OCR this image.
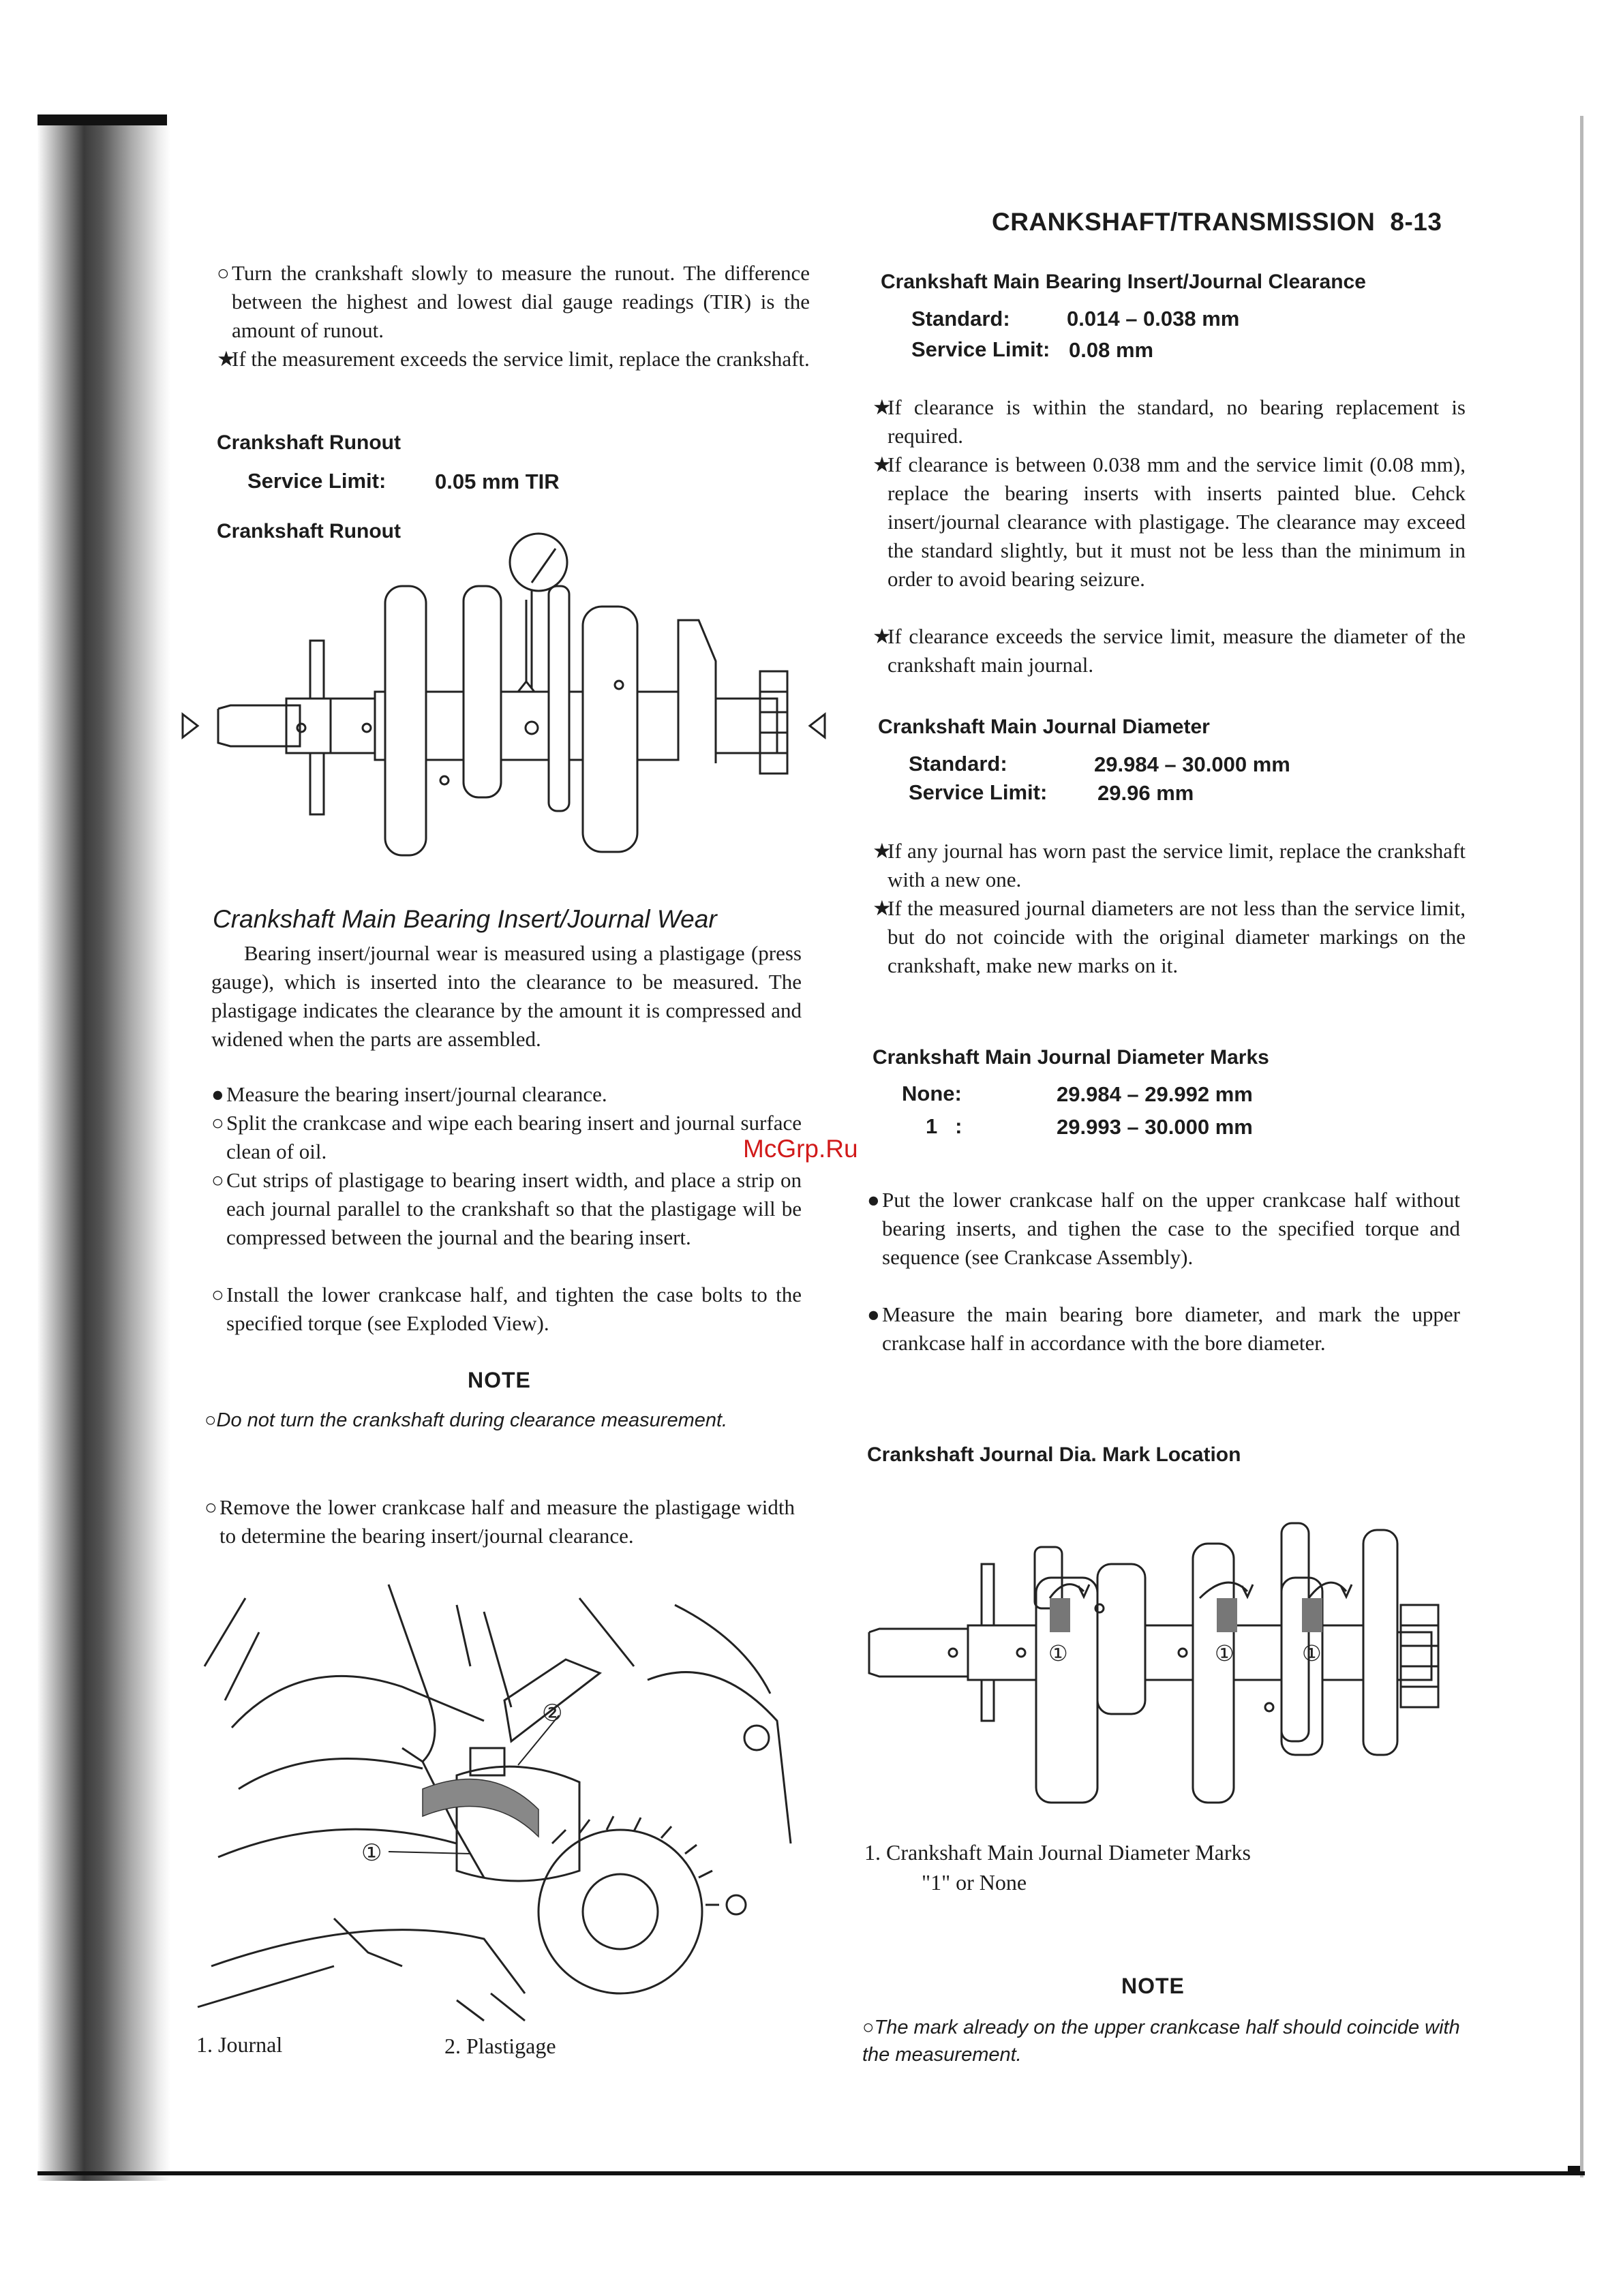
CRANKSHAFT/TRANSMISSION 8-13
○ Turn the crankshaft slowly to measure the runout. The difference between the highest and lowest dial gauge readings (TIR) is the amount of runout.
★
If the measurement exceeds the service limit, replace the crankshaft.
Crankshaft Runout
Service Limit: 0.05 mm TIR
Crankshaft Runout
Crankshaft Main Bearing Insert/Journal Wear
Bearing insert/journal wear is measured using a plastigage (press gauge), which is inserted into the clearance to be measured. The plastigage indicates the clearance by the amount it is compressed and widened when the parts are assembled.
● Measure the bearing insert/journal clearance.
○ Split the crankcase and wipe each bearing insert and journal surface clean of oil.
○ Cut strips of plastigage to bearing insert width, and place a strip on each journal parallel to the crankshaft so that the plastigage will be compressed between the journal and the bearing insert.
○ Install the lower crankcase half, and tighten the case bolts to the specified torque (see Exploded View).
NOTE
○Do not turn the crankshaft during clearance measurement.
○ Remove the lower crankcase half and measure the plastigage width to determine the bearing insert/journal clearance.
①
②
1. Journal	2. Plastigage
Crankshaft Main Bearing Insert/Journal Clearance
Standard:	0.014 – 0.038 mm
Service Limit: 0.08 mm
★
If clearance is within the standard, no bearing replacement is required.
★
If clearance is between 0.038 mm and the service limit (0.08 mm), replace the bearing inserts with inserts painted blue. Cehck insert/journal clearance with plastigage. The clearance may exceed the standard slightly, but it must not be less than the minimum in order to avoid bearing seizure.
★
If clearance exceeds the service limit, measure the diameter of the crankshaft main journal.
Crankshaft Main Journal Diameter
Standard:	29.984 – 30.000 mm
Service Limit: 29.96 mm
★
If any journal has worn past the service limit, replace the crankshaft with a new one.
★
If the measured journal diameters are not less than the service limit, but do not coincide with the original diameter markings on the crankshaft, make new marks on it.
Crankshaft Main Journal Diameter Marks
None:	29.984 – 29.992 mm
1   :	29.993 – 30.000 mm
● Put the lower crankcase half on the upper crankcase half without bearing inserts, and tighen the case to the specified torque and sequence (see Crankcase Assembly).
● Measure the main bearing bore diameter, and mark the upper crankcase half in accordance with the bore diameter.
Crankshaft Journal Dia. Mark Location
①	①	①
1. Crankshaft Main Journal Diameter Marks
"1" or None
NOTE
○The mark already on the upper crankcase half should coincide with the measurement.
McGrp.Ru
